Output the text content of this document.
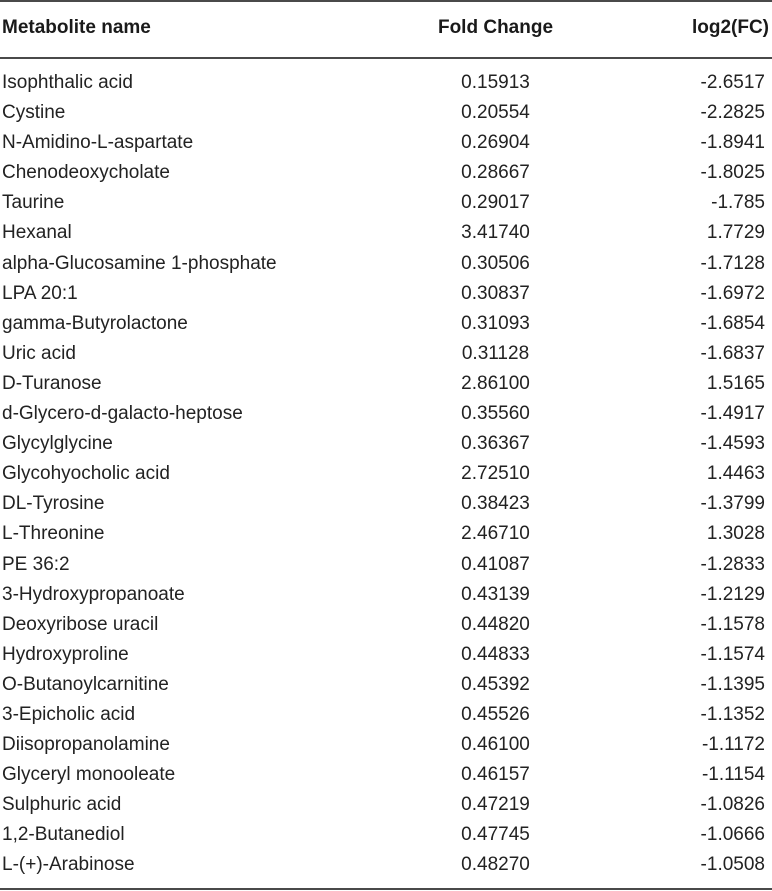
Metabolite name	Fold Change	log2(FC)
Isophthalic acid	0.15913	-2.6517
Cystine	0.20554	-2.2825
N-Amidino-L-aspartate	0.26904	-1.8941
Chenodeoxycholate	0.28667	-1.8025
Taurine	0.29017	-1.785
Hexanal	3.41740	1.7729
alpha-Glucosamine 1-phosphate	0.30506	-1.7128
LPA 20:1	0.30837	-1.6972
gamma-Butyrolactone	0.31093	-1.6854
Uric acid	0.31128	-1.6837
D-Turanose	2.86100	1.5165
d-Glycero-d-galacto-heptose	0.35560	-1.4917
Glycylglycine	0.36367	-1.4593
Glycohyocholic acid	2.72510	1.4463
DL-Tyrosine	0.38423	-1.3799
L-Threonine	2.46710	1.3028
PE 36:2	0.41087	-1.2833
3-Hydroxypropanoate	0.43139	-1.2129
Deoxyribose uracil	0.44820	-1.1578
Hydroxyproline	0.44833	-1.1574
O-Butanoylcarnitine	0.45392	-1.1395
3-Epicholic acid	0.45526	-1.1352
Diisopropanolamine	0.46100	-1.1172
Glyceryl monooleate	0.46157	-1.1154
Sulphuric acid	0.47219	-1.0826
1,2-Butanediol	0.47745	-1.0666
L-(+)-Arabinose	0.48270	-1.0508
